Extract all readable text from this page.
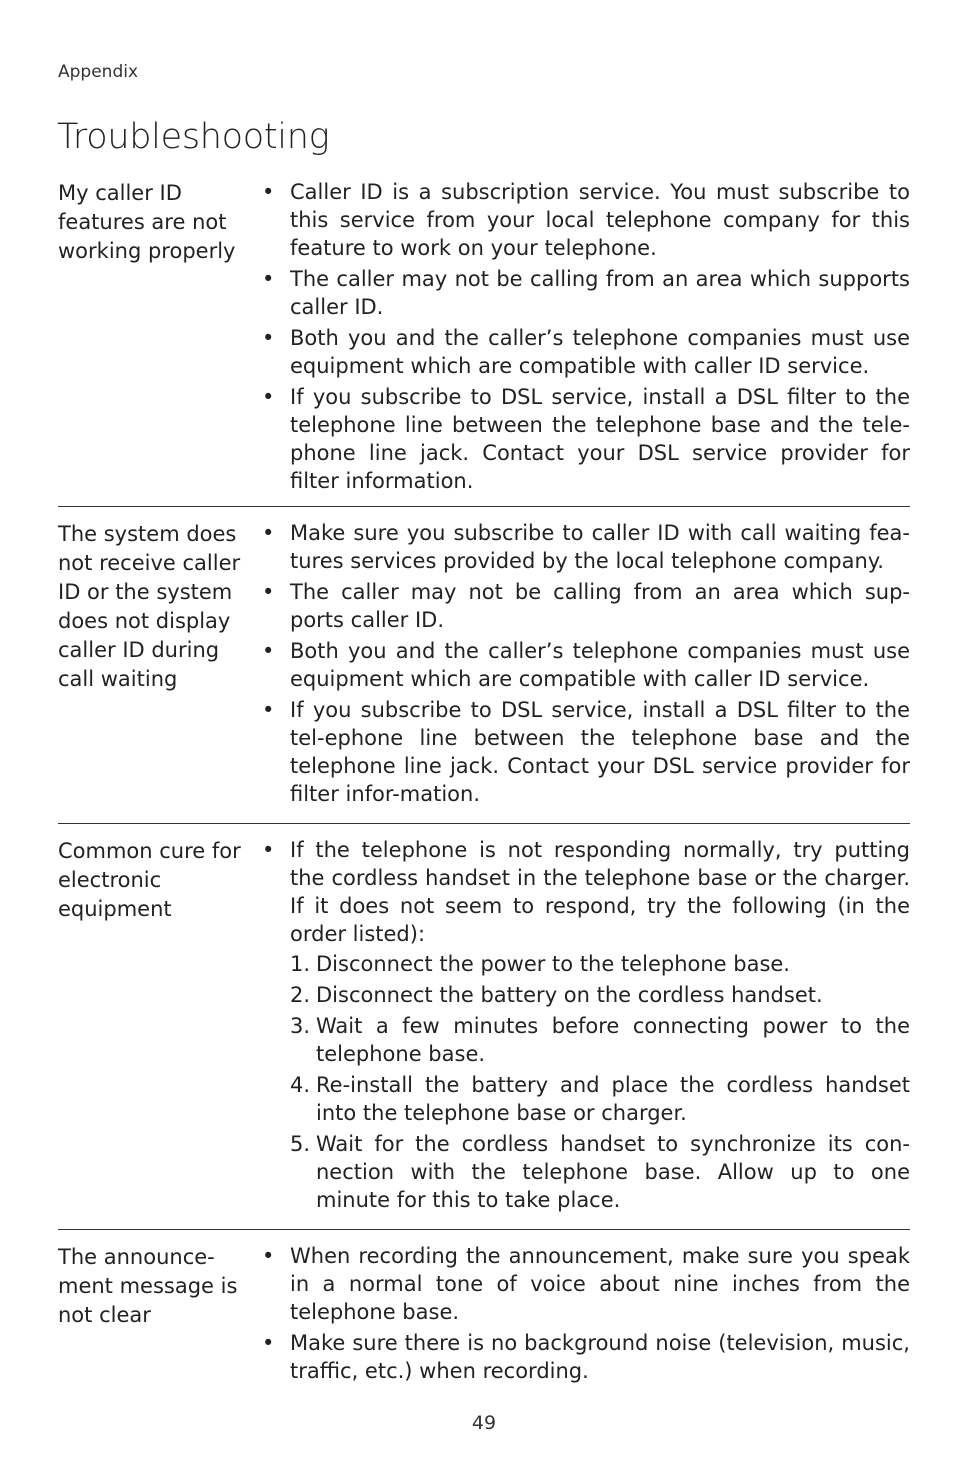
Appendix
Troubleshooting
My caller ID features are not working properly
• Caller ID is a subscription service. You must subscribe to this service from your local telephone company for this feature to work on your telephone.
• The caller may not be calling from an area which supports caller ID.
• Both you and the caller’s telephone companies must use equipment which are compatible with caller ID service.
• If you subscribe to DSL service, install a DSL filter to the telephone line between the telephone base and the tele-phone line jack. Contact your DSL service provider for filter information.
The system does not receive caller ID or the system does not display caller ID during call waiting
• Make sure you subscribe to caller ID with call waiting fea-tures services provided by the local telephone company.
• The caller may not be calling from an area which sup-ports caller ID.
• Both you and the caller’s telephone companies must use equipment which are compatible with caller ID service.
• If you subscribe to DSL service, install a DSL filter to the tel-ephone line between the telephone base and the telephone line jack. Contact your DSL service provider for filter infor-mation.
Common cure for electronic equipment
• If the telephone is not responding normally, try putting the cordless handset in the telephone base or the charger. If it does not seem to respond, try the following (in the order listed):
1. Disconnect the power to the telephone base.
2. Disconnect the battery on the cordless handset.
3. Wait a few minutes before connecting power to the telephone base.
4. Re-install the battery and place the cordless handset into the telephone base or charger.
5. Wait for the cordless handset to synchronize its con-nection with the telephone base. Allow up to one minute for this to take place.
The announce-ment message is not clear
• When recording the announcement, make sure you speak in a normal tone of voice about nine inches from the telephone base.
• Make sure there is no background noise (television, music, traffic, etc.) when recording.
49
